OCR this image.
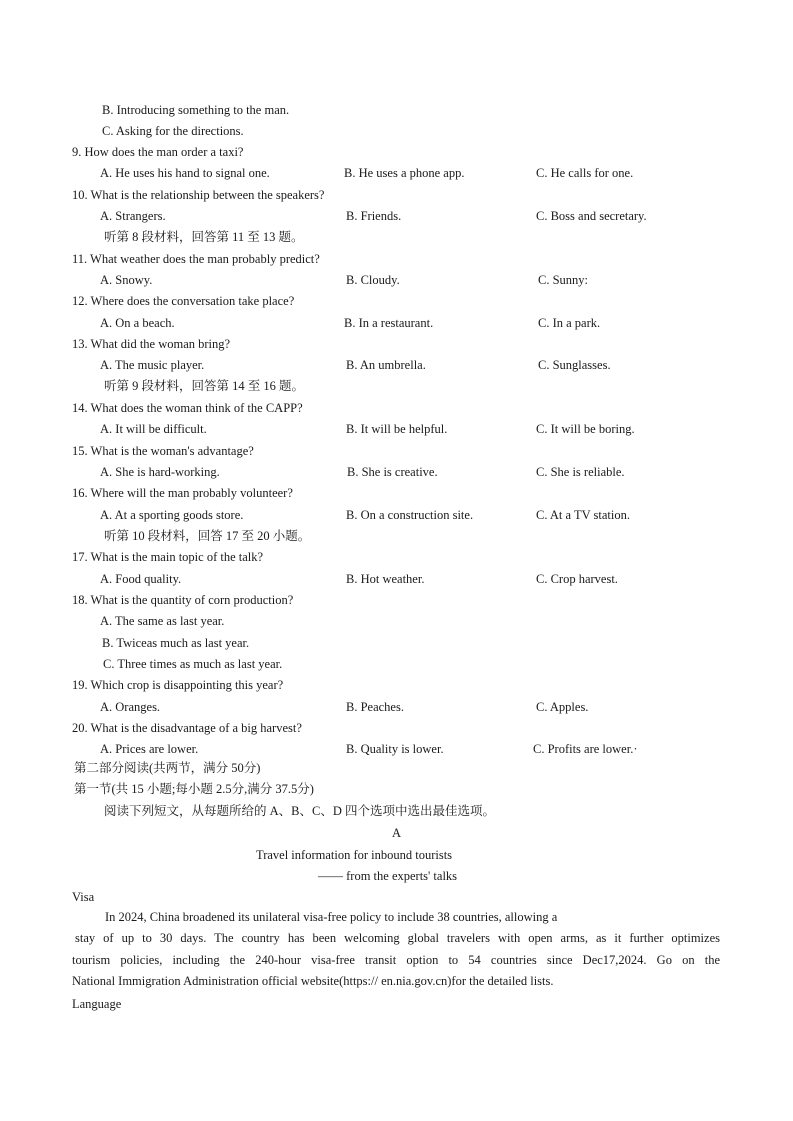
B. Introducing something to the man.
C. Asking for the directions.
9. How does the man order a taxi?
A. He uses his hand to signal one.	B. He uses a phone app.	C. He calls for one.
10. What is the relationship between the speakers?
A. Strangers.	B. Friends.	C. Boss and secretary.
听第 8 段材料，回答第 11 至 13 题。
11. What weather does the man probably predict?
A. Snowy.	B. Cloudy.	C. Sunny:
12. Where does the conversation take place?
A. On a beach.	B. In a restaurant.	C. In a park.
13. What did the woman bring?
A. The music player.	B. An umbrella.	C. Sunglasses.
听第 9 段材料，回答第 14 至 16 题。
14. What does the woman think of the CAPP?
A. It will be difficult.	B. It will be helpful.	C. It will be boring.
15. What is the woman's advantage?
A. She is hard-working.	B. She is creative.	C. She is reliable.
16. Where will the man probably volunteer?
A. At a sporting goods store.	B. On a construction site.	C. At a TV station.
听第 10 段材料，回答 17 至 20 小题。
17. What is the main topic of the talk?
A. Food quality.	B. Hot weather.	C. Crop harvest.
18. What is the quantity of corn production?
A. The same as last year.
B. Twiceas much as last year.
C. Three times as much as last year.
19. Which crop is disappointing this year?
A. Oranges.	B. Peaches.	C. Apples.
20. What is the disadvantage of a big harvest?
A. Prices are lower.	B. Quality is lower.	C. Profits are lower.·
第二部分阅读(共两节，满分 50分)
第一节(共 15 小题;每小题 2.5分,满分 37.5分)
阅读下列短文，从每题所给的 A、B、C、D 四个选项中选出最佳选项。
A
Travel information for inbound tourists
—— from the experts' talks
Visa
In 2024, China broadened its unilateral visa-free policy to include 38 countries, allowing a
stay of up to 30 days. The country has been welcoming global travelers with open arms, as it further optimizes
tourism policies, including the 240-hour visa-free transit option to 54 countries since Dec17,2024. Go on the
National Immigration Administration official website(https:// en.nia.gov.cn)for the detailed lists.
Language
